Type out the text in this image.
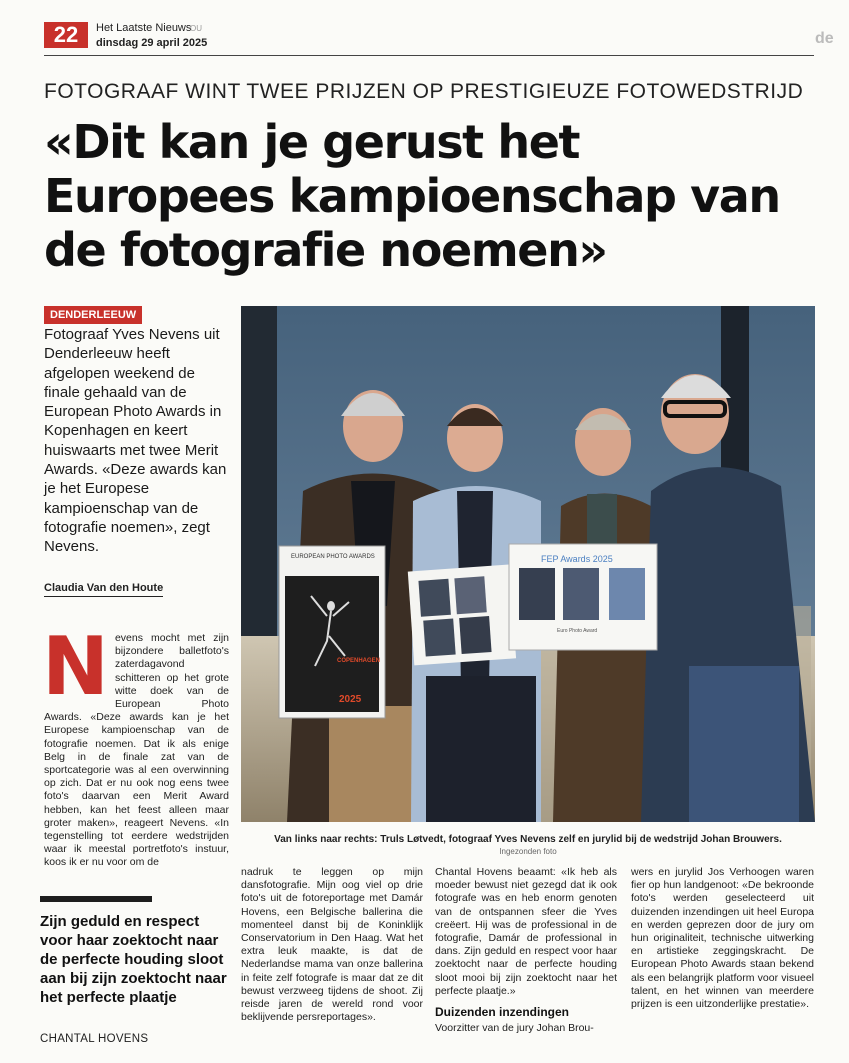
22	Het Laatste Nieuws
OU
dinsdag 29 april 2025	de
FOTOGRAAF WINT TWEE PRIJZEN OP PRESTIGIEUZE FOTOWEDSTRIJD
«Dit kan je gerust het Europees kampioenschap van de fotografie noemen»
DENDERLEEUW

Fotograaf Yves Nevens uit Denderleeuw heeft afgelopen weekend de finale gehaald van de European Photo Awards in Kopenhagen en keert huiswaarts met twee Merit Awards. «Deze awards kan je het Europese kampioenschap van de fotografie noemen», zegt Nevens.

Claudia Van den Houte
EUROPEAN PHOTO AWARDS
COPENHAGEN
2025
FEP Awards 2025
Euro Photo Award
Van links naar rechts: Truls Løtvedt, fotograaf Yves Nevens zelf en jurylid bij de wedstrijd Johan Brouwers.
Ingezonden foto
N evens mocht met zijn bijzondere balletfoto's zaterdagavond schitteren op het grote witte doek van de European Photo Awards. «Deze awards kan je het Europese kampioenschap van de fotografie noemen. Dat ik als enige Belg in de finale zat van de sportcategorie was al een overwinning op zich. Dat er nu ook nog eens twee foto's daarvan een Merit Award hebben, kan het feest alleen maar groter maken», reageert Nevens. «In tegenstelling tot eerdere wedstrijden waar ik meestal portretfoto's instuur, koos ik er nu voor om de
nadruk te leggen op mijn dansfotografie. Mijn oog viel op drie foto's uit de fotoreportage met Damár Hovens, een Belgische ballerina die momenteel danst bij de Koninklijk Conservatorium in Den Haag. Wat het extra leuk maakte, is dat de Nederlandse mama van onze ballerina in feite zelf fotografe is maar dat ze dit bewust verzweeg tijdens de shoot. Zij reisde jaren de wereld rond voor beklijvende persreportages».
Chantal Hovens beaamt: «Ik heb als moeder bewust niet gezegd dat ik ook fotografe was en heb enorm genoten van de ontspannen sfeer die Yves creëert. Hij was de professional in de fotografie, Damár de professional in dans. Zijn geduld en respect voor haar zoektocht naar de perfecte houding sloot mooi bij zijn zoektocht naar het perfecte plaatje.»
Duizenden inzendingen
Voorzitter van de jury Johan Brou-
wers en jurylid Jos Verhoogen waren fier op hun landgenoot: «De bekroonde foto's werden geselecteerd uit duizenden inzendingen uit heel Europa en werden geprezen door de jury om hun originaliteit, technische uitwerking en artistieke zeggingskracht. De European Photo Awards staan bekend als een belangrijk platform voor visueel talent, en het winnen van meerdere prijzen is een uitzonderlijke prestatie».
Zijn geduld en respect voor haar zoektocht naar de perfecte houding sloot aan bij zijn zoektocht naar het perfecte plaatje
CHANTAL HOVENS
